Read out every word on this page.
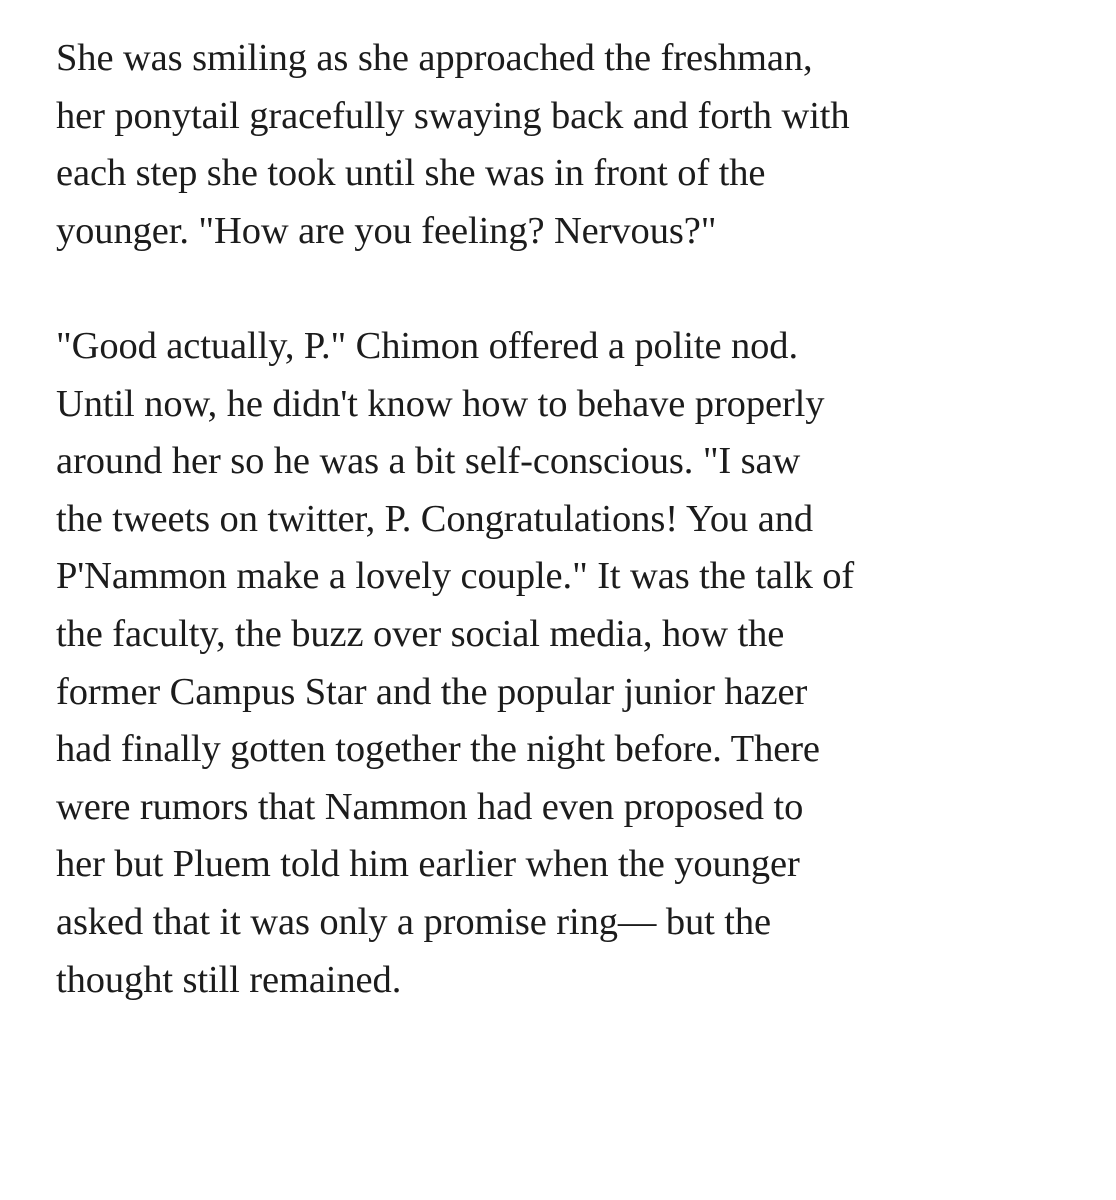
She was smiling as she approached the freshman,
her ponytail gracefully swaying back and forth with
each step she took until she was in front of the
younger. "How are you feeling? Nervous?"

"Good actually, P." Chimon offered a polite nod.
Until now, he didn't know how to behave properly
around her so he was a bit self-conscious. "I saw
the tweets on twitter, P. Congratulations! You and
P'Nammon make a lovely couple." It was the talk of
the faculty, the buzz over social media, how the
former Campus Star and the popular junior hazer
had finally gotten together the night before. There
were rumors that Nammon had even proposed to
her but Pluem told him earlier when the younger
asked that it was only a promise ring— but the
thought still remained.
